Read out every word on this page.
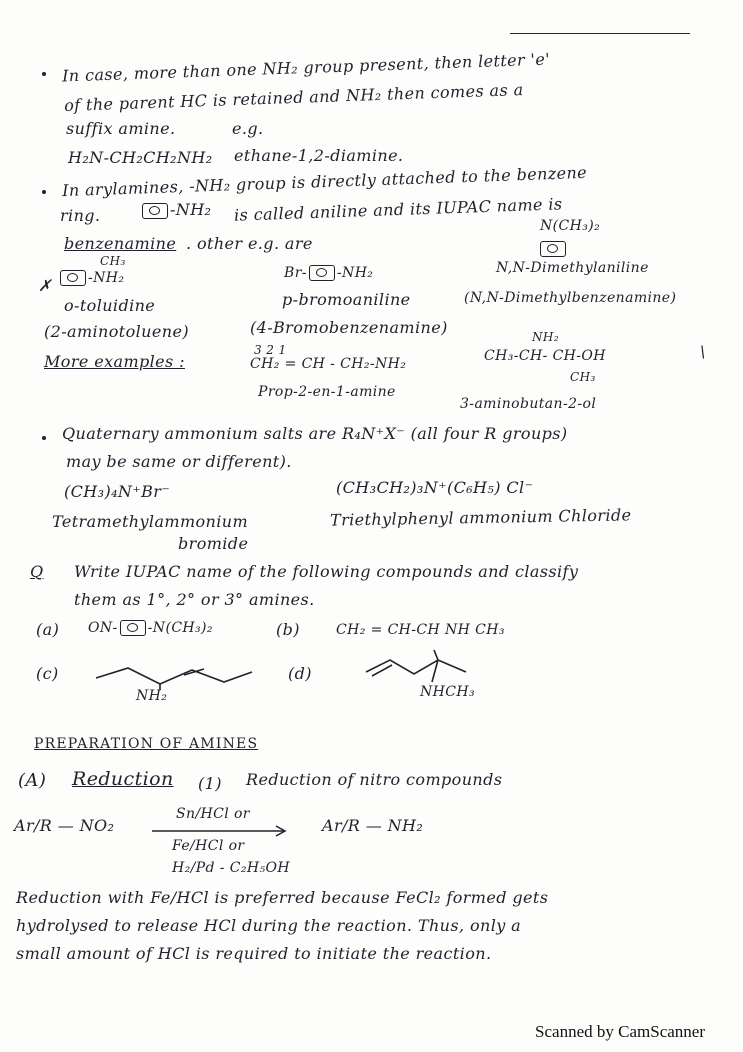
In case, more than one NH₂ group present, then letter 'e'
of the parent HC is retained and NH₂ then comes as a
suffix amine.	e.g.
H₂N-CH₂CH₂NH₂ ethane-1,2-diamine.
In arylamines, -NH₂ group is directly attached to the benzene
ring.	-NH₂ is called aniline and its IUPAC name is
N(CH₃)₂
benzenamine . other e.g. are
CH₃
✗	-NH₂	Br- -NH₂	N,N-Dimethylaniline
o-toluidine	p-bromoaniline	(N,N-Dimethylbenzenamine)
(2-aminotoluene)	(4-Bromobenzenamine)
More examples :
3 2 1
CH₂ = CH - CH₂-NH₂
Prop-2-en-1-amine
NH₂
CH₃-CH- CH-OH
CH₃
3-aminobutan-2-ol
\
Quaternary ammonium salts are R₄N⁺X⁻ (all four R groups)
may be same or different).
(CH₃)₄N⁺Br⁻	(CH₃CH₂)₃N⁺(C₆H₅) Cl⁻
Tetramethylammonium
bromide
Triethylphenyl ammonium Chloride
Q Write IUPAC name of the following compounds and classify
them as 1°, 2° or 3° amines.
(a) ON- -N(CH₃)₂	(b)	CH₂ = CH-CH NH CH₃
(c)
NH₂
(d)
NHCH₃
PREPARATION OF AMINES
(A) Reduction (1) Reduction of nitro compounds
Ar/R — NO₂
Sn/HCl or
Ar/R — NH₂
Fe/HCl or
H₂/Pd - C₂H₅OH
Reduction with Fe/HCl is preferred because FeCl₂ formed gets
hydrolysed to release HCl during the reaction. Thus, only a
small amount of HCl is required to initiate the reaction.
Scanned by CamScanner
